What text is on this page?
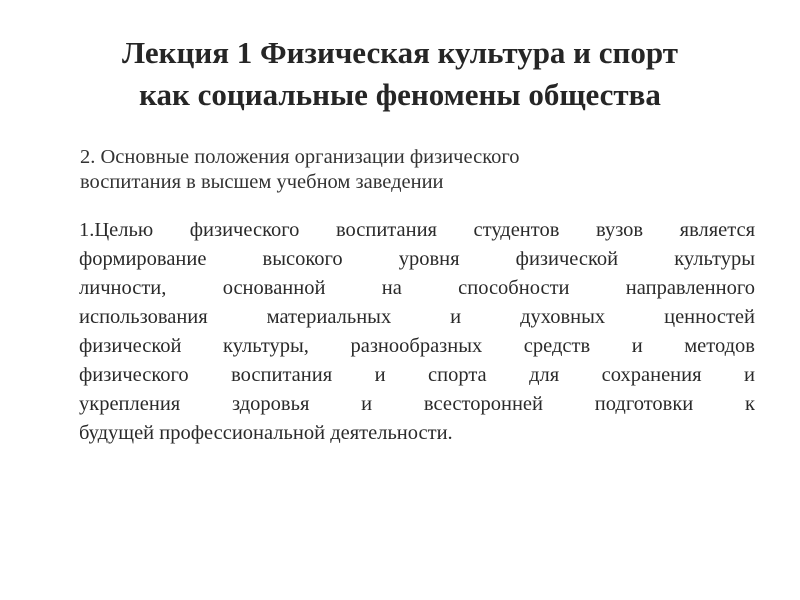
Лекция 1 Физическая культура и спорт
как социальные феномены общества

2. Основные положения организации физического
воспитания в высшем учебном заведении

1.Целью физического воспитания студентов вузов является
формирование высокого уровня физической культуры
личности, основанной на способности направленного
использования материальных и духовных ценностей
физической культуры, разнообразных средств и методов
физического воспитания и спорта для сохранения и
укрепления здоровья и всесторонней подготовки к
будущей профессиональной деятельности.
